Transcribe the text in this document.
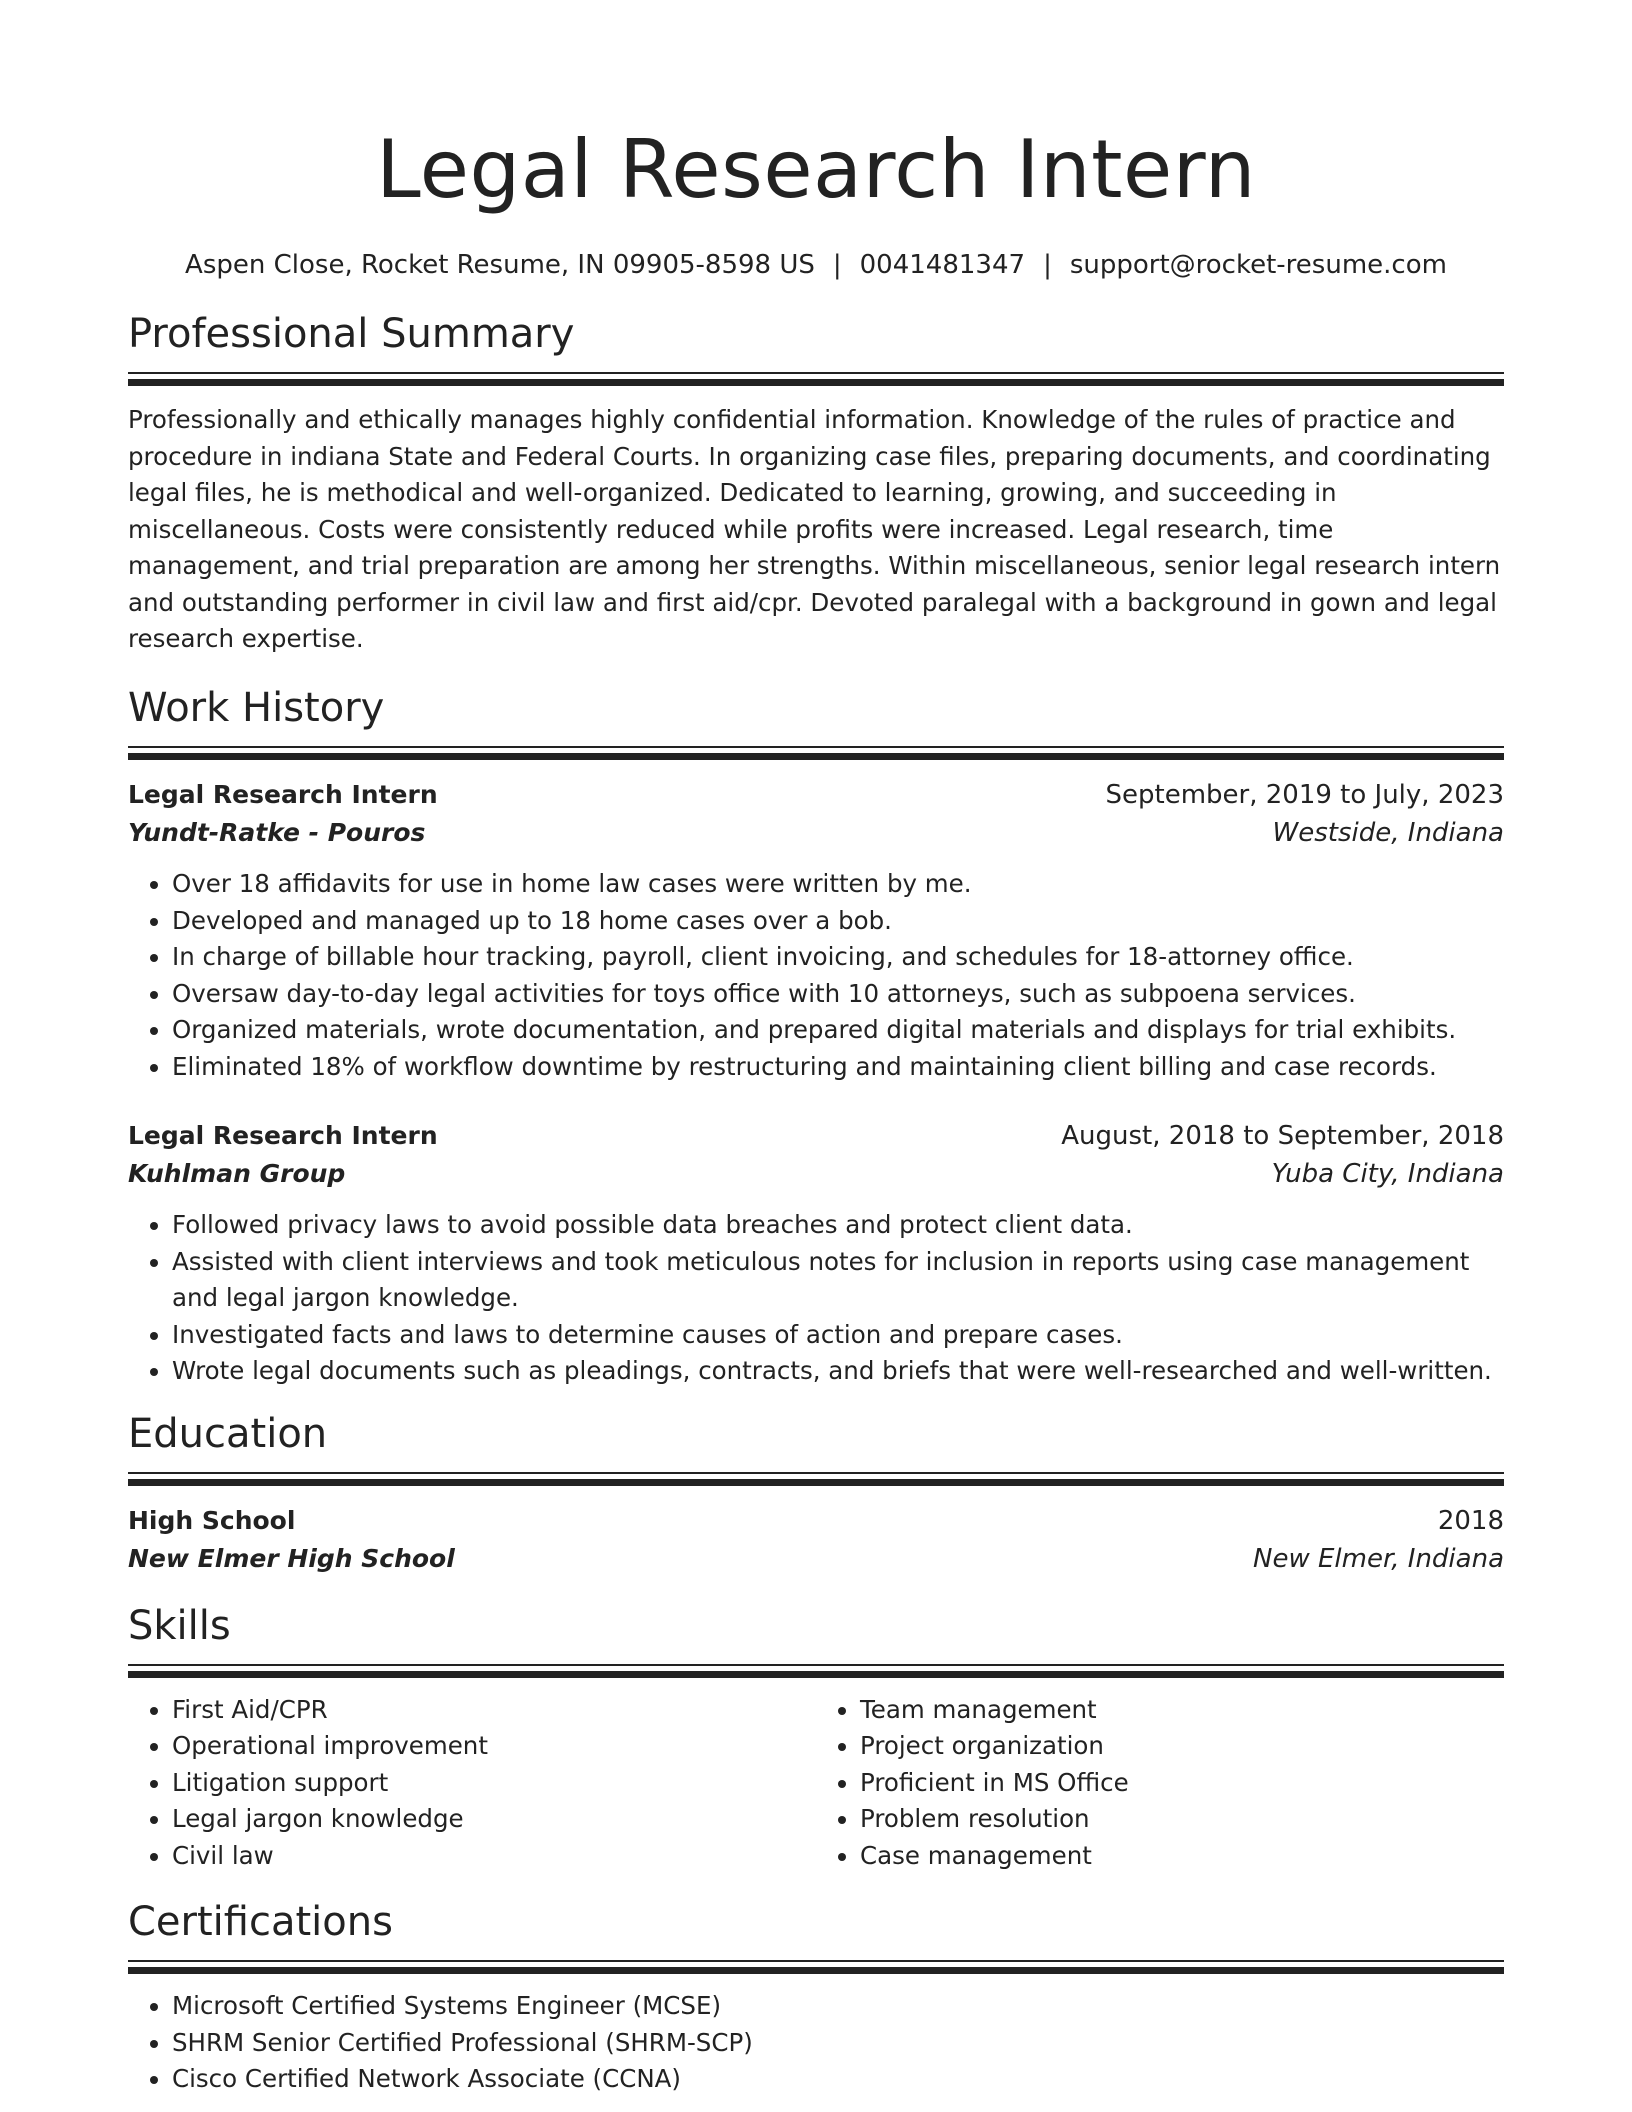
Legal Research Intern
Aspen Close, Rocket Resume, IN 09905-8598 US | 0041481347 | support@rocket-resume.com
Professional Summary

Professionally and ethically manages highly confidential information. Knowledge of the rules of practice and procedure in indiana State and Federal Courts. In organizing case files, preparing documents, and coordinating legal files, he is methodical and well-organized. Dedicated to learning, growing, and succeeding in miscellaneous. Costs were consistently reduced while profits were increased. Legal research, time management, and trial preparation are among her strengths. Within miscellaneous, senior legal research intern and outstanding performer in civil law and first aid/cpr. Devoted paralegal with a background in gown and legal research expertise.

Work History
Legal Research Intern	September, 2019 to July, 2023
Yundt-Ratke - Pouros	Westside, Indiana
• Over 18 affidavits for use in home law cases were written by me.
• Developed and managed up to 18 home cases over a bob.
• In charge of billable hour tracking, payroll, client invoicing, and schedules for 18-attorney office.
• Oversaw day-to-day legal activities for toys office with 10 attorneys, such as subpoena services.
• Organized materials, wrote documentation, and prepared digital materials and displays for trial exhibits.
• Eliminated 18% of workflow downtime by restructuring and maintaining client billing and case records.
Legal Research Intern	August, 2018 to September, 2018
Kuhlman Group	Yuba City, Indiana
• Followed privacy laws to avoid possible data breaches and protect client data.
• Assisted with client interviews and took meticulous notes for inclusion in reports using case management and legal jargon knowledge.
• Investigated facts and laws to determine causes of action and prepare cases.
• Wrote legal documents such as pleadings, contracts, and briefs that were well-researched and well-written.
Education
High School	2018
New Elmer High School	New Elmer, Indiana
Skills
• First Aid/CPR
• Operational improvement
• Litigation support
• Legal jargon knowledge
• Civil law
• Team management
• Project organization
• Proficient in MS Office
• Problem resolution
• Case management
Certifications
• Microsoft Certified Systems Engineer (MCSE)
• SHRM Senior Certified Professional (SHRM-SCP)
• Cisco Certified Network Associate (CCNA)
